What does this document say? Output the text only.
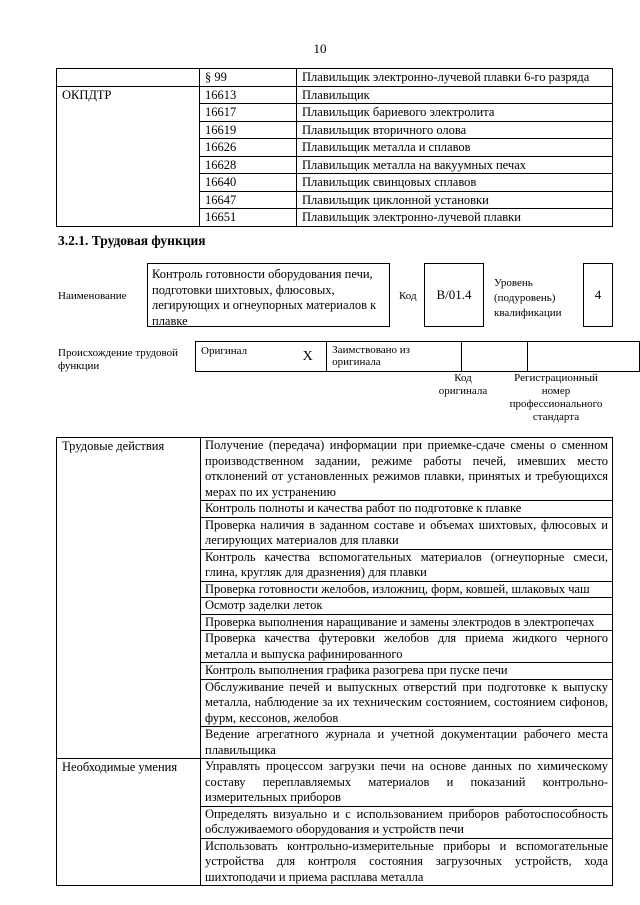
10
	§ 99	Плавильщик электронно-лучевой плавки 6-го разряда
ОКПДТР	16613	Плавильщик
	16617	Плавильщик бариевого электролита
	16619	Плавильщик вторичного олова
	16626	Плавильщик металла и сплавов
	16628	Плавильщик металла на вакуумных печах
	16640	Плавильщик свинцовых сплавов
	16647	Плавильщик циклонной установки
	16651	Плавильщик электронно-лучевой плавки
3.2.1. Трудовая функция
Наименование
Контроль готовности оборудования печи, подготовки шихтовых, флюсовых, легирующих и огнеупорных материалов к плавке
Код	B/01.4
Уровень
(подуровень)
квалификации
4
Происхождение трудовой функции
Оригинал	X	Заимствовано из оригинала		
Код оригинала
Регистрационный номер профессионального стандарта
Трудовые действия	Получение (передача) информации при приемке-сдаче смены о сменном производственном задании, режиме работы печей, имевших место отклонений от установленных режимов плавки, принятых и требующихся мерах по их устранению
	Контроль полноты и качества работ по подготовке к плавке
	Проверка наличия в заданном составе и объемах шихтовых, флюсовых и легирующих материалов для плавки
	Контроль качества вспомогательных материалов (огнеупорные смеси, глина, кругляк для дразнения) для плавки
	Проверка готовности желобов, изложниц, форм, ковшей, шлаковых чаш
	Осмотр заделки леток
	Проверка выполнения наращивание и замены электродов в электропечах
	Проверка качества футеровки желобов для приема жидкого черного металла и выпуска рафинированного
	Контроль выполнения графика разогрева при пуске печи
	Обслуживание печей и выпускных отверстий при подготовке к выпуску металла, наблюдение за их техническим состоянием, состоянием сифонов, фурм, кессонов, желобов
	Ведение агрегатного журнала и учетной документации рабочего места плавильщика
Необходимые умения	Управлять процессом загрузки печи на основе данных по химическому составу переплавляемых материалов и показаний контрольно-измерительных приборов
	Определять визуально и с использованием приборов работоспособность обслуживаемого оборудования и устройств печи
	Использовать контрольно-измерительные приборы и вспомогательные устройства для контроля состояния загрузочных устройств, хода шихтоподачи и приема расплава металла
